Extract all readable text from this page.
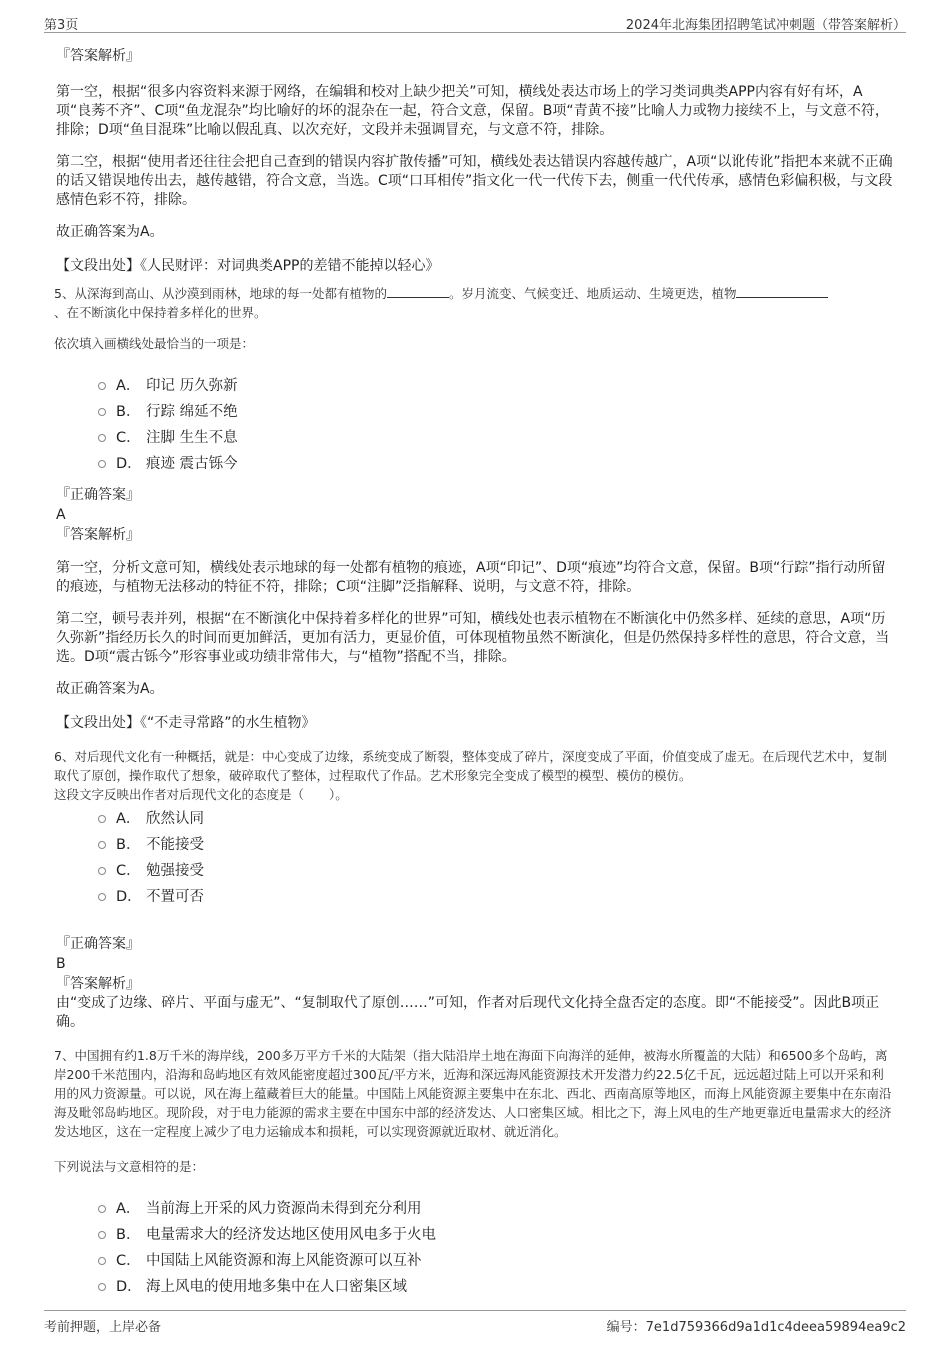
第3页	2024年北海集团招聘笔试冲刺题（带答案解析）

『答案解析』

第一空，根据“很多内容资料来源于网络，在编辑和校对上缺少把关”可知，横线处表达市场上的学习类词典类APP内容有好有坏，A项“良莠不齐”、C项“鱼龙混杂”均比喻好的坏的混杂在一起，符合文意，保留。B项“青黄不接”比喻人力或物力接续不上，与文意不符，排除；D项“鱼目混珠”比喻以假乱真、以次充好，文段并未强调冒充，与文意不符，排除。

第二空，根据“使用者还往往会把自己查到的错误内容扩散传播”可知，横线处表达错误内容越传越广，A项“以讹传讹”指把本来就不正确的话又错误地传出去，越传越错，符合文意，当选。C项“口耳相传”指文化一代一代传下去，侧重一代代传承，感情色彩偏积极，与文段感情色彩不符，排除。

故正确答案为A。

【文段出处】《人民财评：对词典类APP的差错不能掉以轻心》

5、从深海到高山、从沙漠到雨林，地球的每一处都有植物的	。岁月流变、气候变迁、地质运动、生境更迭，植物
、在不断演化中保持着多样化的世界。

依次填入画横线处最恰当的一项是：

A． 印记 历久弥新
B． 行踪 绵延不绝
C． 注脚 生生不息
D． 痕迹 震古铄今

『正确答案』

A

『答案解析』

第一空，分析文意可知，横线处表示地球的每一处都有植物的痕迹，A项“印记”、D项“痕迹”均符合文意，保留。B项“行踪”指行动所留的痕迹，与植物无法移动的特征不符，排除；C项“注脚”泛指解释、说明，与文意不符，排除。

第二空，顿号表并列，根据“在不断演化中保持着多样化的世界”可知，横线处也表示植物在不断演化中仍然多样、延续的意思，A项“历久弥新”指经历长久的时间而更加鲜活，更加有活力，更显价值，可体现植物虽然不断演化，但是仍然保持多样性的意思，符合文意，当选。D项“震古铄今”形容事业或功绩非常伟大，与“植物”搭配不当，排除。

故正确答案为A。

【文段出处】《“不走寻常路”的水生植物》

6、对后现代文化有一种概括，就是：中心变成了边缘，系统变成了断裂，整体变成了碎片，深度变成了平面，价值变成了虚无。在后现代艺术中，复制取代了原创，操作取代了想象，破碎取代了整体，过程取代了作品。艺术形象完全变成了模型的模型、模仿的模仿。

这段文字反映出作者对后现代文化的态度是（　　）。

A． 欣然认同
B． 不能接受
C． 勉强接受
D． 不置可否

『正确答案』

B

『答案解析』

由“变成了边缘、碎片、平面与虚无”、“复制取代了原创……”可知，作者对后现代文化持全盘否定的态度。即“不能接受”。因此B项正确。

7、中国拥有约1.8万千米的海岸线，200多万平方千米的大陆架（指大陆沿岸土地在海面下向海洋的延伸，被海水所覆盖的大陆）和6500多个岛屿，离岸200千米范围内，沿海和岛屿地区有效风能密度超过300瓦/平方米，近海和深远海风能资源技术开发潜力约22.5亿千瓦，远远超过陆上可以开采和利用的风力资源量。可以说，风在海上蕴藏着巨大的能量。中国陆上风能资源主要集中在东北、西北、西南高原等地区，而海上风能资源主要集中在东南沿海及毗邻岛屿地区。现阶段，对于电力能源的需求主要在中国东中部的经济发达、人口密集区域。相比之下，海上风电的生产地更靠近电量需求大的经济发达地区，这在一定程度上减少了电力运输成本和损耗，可以实现资源就近取材、就近消化。

下列说法与文意相符的是：

A． 当前海上开采的风力资源尚未得到充分利用
B． 电量需求大的经济发达地区使用风电多于火电
C． 中国陆上风能资源和海上风能资源可以互补
D． 海上风电的使用地多集中在人口密集区域
考前押题，上岸必备	编号：7e1d759366d9a1d1c4deea59894ea9c2
